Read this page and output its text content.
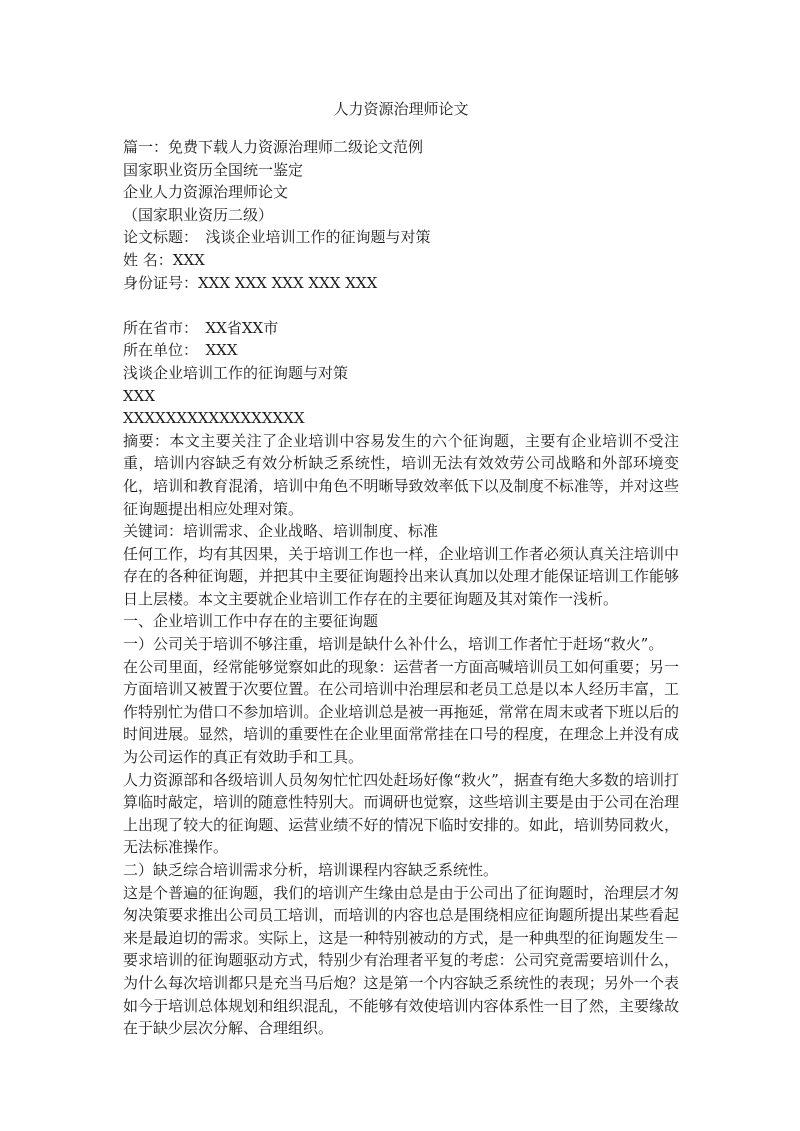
人力资源治理师论文

篇一：免费下载人力资源治理师二级论文范例

国家职业资历全国统一鉴定

企业人力资源治理师论文

（国家职业资历二级）

论文标题：　浅谈企业培训工作的征询题与对策

姓 名：XXX

身份证号：XXX XXX XXX XXX XXX

所在省市：　XX省XX市

所在单位：　XXX

浅谈企业培训工作的征询题与对策

XXX

XXXXXXXXXXXXXXXXX

摘要：本文主要关注了企业培训中容易发生的六个征询题，主要有企业培训不受注重，培训内容缺乏有效分析缺乏系统性，培训无法有效效劳公司战略和外部环境变化，培训和教育混淆，培训中角色不明晰导致效率低下以及制度不标准等，并对这些征询题提出相应处理对策。

关键词：培训需求、企业战略、培训制度、标准

任何工作，均有其因果，关于培训工作也一样，企业培训工作者必须认真关注培训中存在的各种征询题，并把其中主要征询题拎出来认真加以处理才能保证培训工作能够日上层楼。本文主要就企业培训工作存在的主要征询题及其对策作一浅析。

一、企业培训工作中存在的主要征询题

一）公司关于培训不够注重，培训是缺什么补什么，培训工作者忙于赶场“救火”。

在公司里面，经常能够觉察如此的现象：运营者一方面高喊培训员工如何重要；另一方面培训又被置于次要位置。在公司培训中治理层和老员工总是以本人经历丰富，工作特别忙为借口不参加培训。企业培训总是被一再拖延，常常在周末或者下班以后的时间进展。显然，培训的重要性在企业里面常常挂在口号的程度，在理念上并没有成为公司运作的真正有效助手和工具。

人力资源部和各级培训人员匆匆忙忙四处赶场好像“救火”，据查有绝大多数的培训打算临时敲定，培训的随意性特别大。而调研也觉察，这些培训主要是由于公司在治理上出现了较大的征询题、运营业绩不好的情况下临时安排的。如此，培训势同救火，无法标准操作。

二）缺乏综合培训需求分析，培训课程内容缺乏系统性。

这是个普遍的征询题，我们的培训产生缘由总是由于公司出了征询题时，治理层才匆匆决策要求推出公司员工培训，而培训的内容也总是围绕相应征询题所提出某些看起来是最迫切的需求。实际上，这是一种特别被动的方式，是一种典型的征询题发生－要求培训的征询题驱动方式，特别少有治理者平复的考虑：公司究竟需要培训什么，为什么每次培训都只是充当马后炮？这是第一个内容缺乏系统性的表现；另外一个表如今于培训总体规划和组织混乱，不能够有效使培训内容体系性一目了然，主要缘故在于缺少层次分解、合理组织。
